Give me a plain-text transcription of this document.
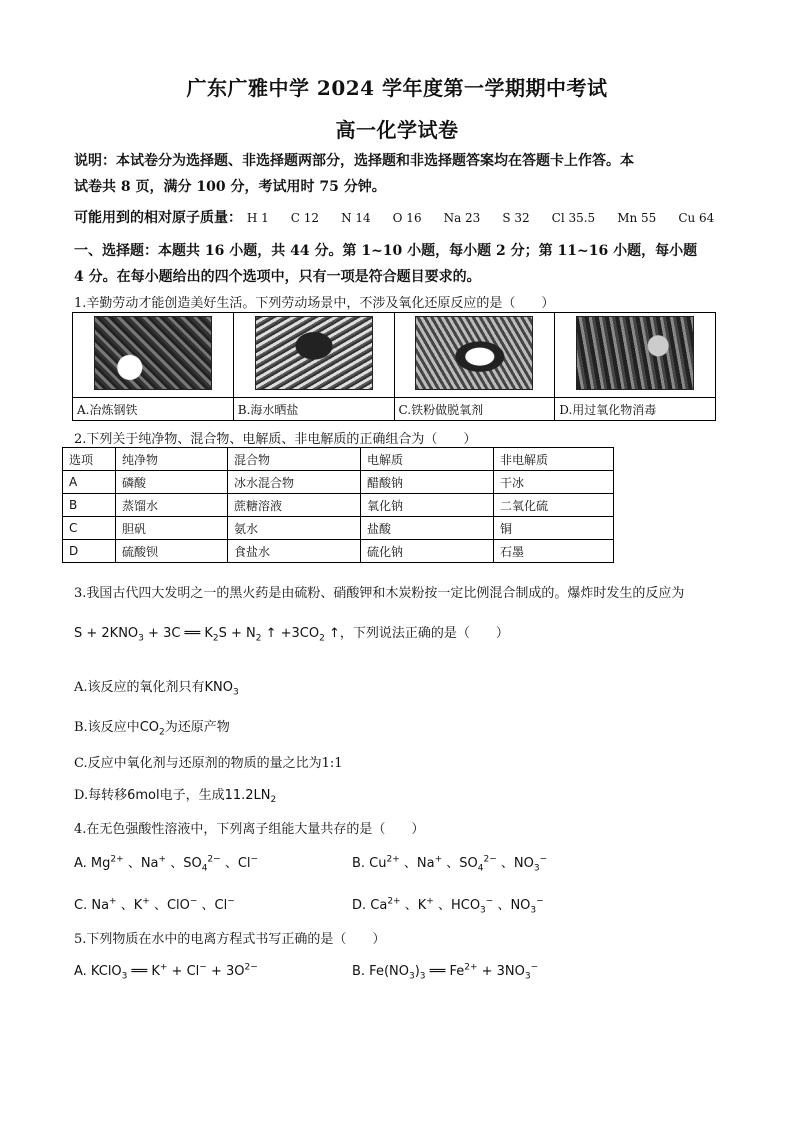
广东广雅中学 2024 学年度第一学期期中考试
高一化学试卷
说明：本试卷分为选择题、非选择题两部分，选择题和非选择题答案均在答题卡上作答。本
试卷共 8 页，满分 100 分，考试用时 75 分钟。
可能用到的相对原子质量： H 1 C 12 N 14 O 16 Na 23 S 32 Cl 35.5 Mn 55 Cu 64
一、选择题：本题共 16 小题，共 44 分。第 1~10 小题，每小题 2 分；第 11~16 小题，每小题
4 分。在每小题给出的四个选项中，只有一项是符合题目要求的。
1.辛勤劳动才能创造美好生活。下列劳动场景中，不涉及氧化还原反应的是（　　）

A.冶炼钢铁	B.海水晒盐	C.铁粉做脱氧剂	D.用过氧化物消毒
2.下列关于纯净物、混合物、电解质、非电解质的正确组合为（　　）
选项	纯净物	混合物	电解质	非电解质
A	磷酸	冰水混合物	醋酸钠	干冰
B	蒸馏水	蔗糖溶液	氧化钠	二氧化硫
C	胆矾	氨水	盐酸	铜
D	硫酸钡	食盐水	硫化钠	石墨
3.我国古代四大发明之一的黑火药是由硫粉、硝酸钾和木炭粉按一定比例混合制成的。爆炸时发生的反应为
$S + 2KNO_3 + 3C$ ══ $K_2S + N_2$ ↑ $+3CO_2$ ↑，下列说法正确的是（　　）
A.该反应的氧化剂只有$KNO_3$
B.该反应中$CO_2$为还原产物
C.反应中氧化剂与还原剂的物质的量之比为1:1
D.每转移6mol电子，生成$11.2LN_2$
4.在无色强酸性溶液中，下列离子组能大量共存的是（　　）
A. $Mg^{2+}$ 、Na+ 、$SO_4^{2-}$ 、Cl−	B. $Cu^{2+}$ 、Na+ 、$SO_4^{2-}$ 、$NO_3^-$
C. Na+ 、K+ 、ClO− 、Cl−	D. $Ca^{2+}$ 、K+ 、$HCO_3^-$ 、$NO_3^-$
5.下列物质在水中的电离方程式书写正确的是（　　）
A. KClO$_3$ ══ $K^+ + Cl^- + 3O^{2-}$	B. $Fe(NO_3)_3$ ══ $Fe^{2+} + 3NO_3^-$
